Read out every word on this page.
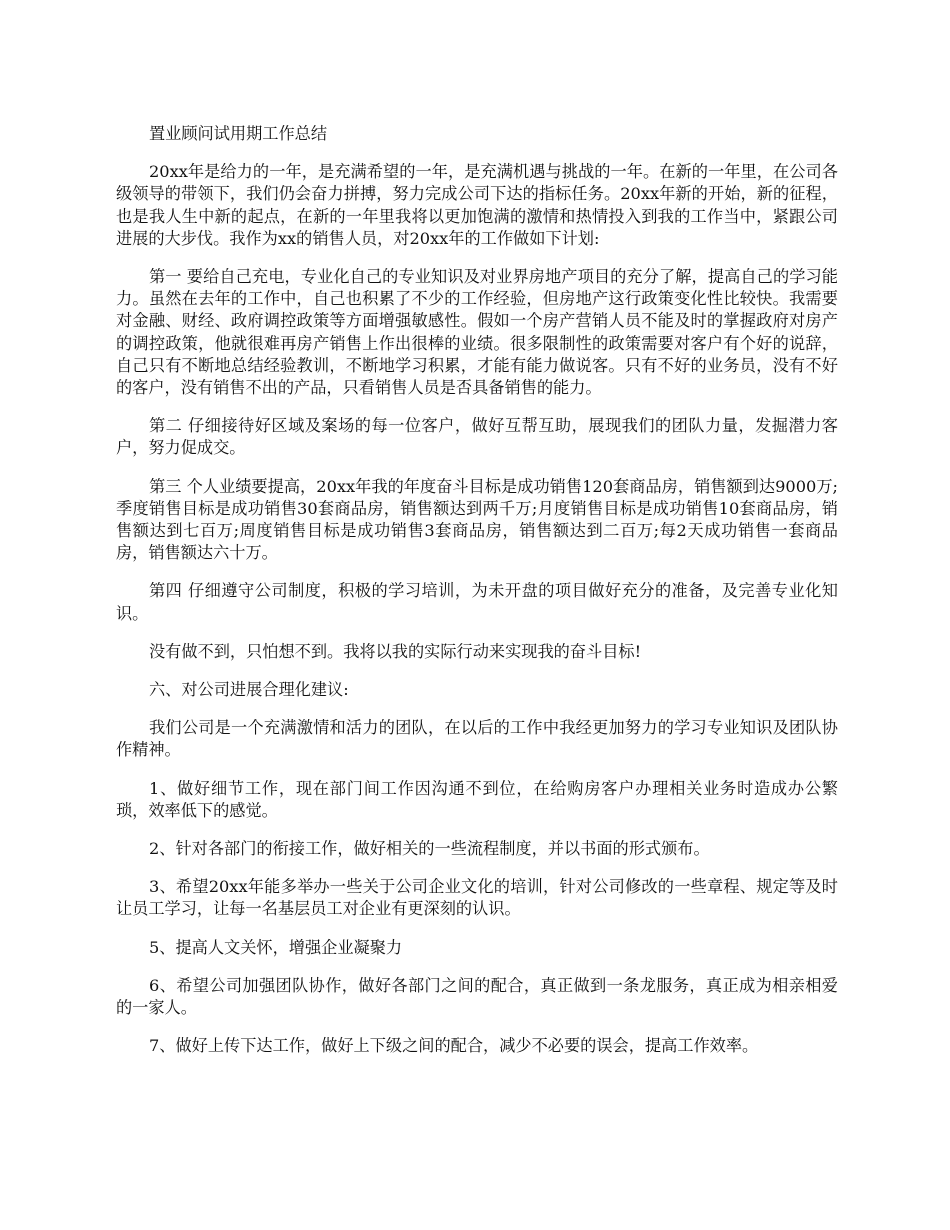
置业顾问试用期工作总结

20xx年是给力的一年，是充满希望的一年，是充满机遇与挑战的一年。在新的一年里，在公司各级领导的带领下，我们仍会奋力拼搏，努力完成公司下达的指标任务。20xx年新的开始，新的征程，也是我人生中新的起点，在新的一年里我将以更加饱满的激情和热情投入到我的工作当中，紧跟公司进展的大步伐。我作为xx的销售人员，对20xx年的工作做如下计划:

第一 要给自己充电，专业化自己的专业知识及对业界房地产项目的充分了解，提高自己的学习能力。虽然在去年的工作中，自己也积累了不少的工作经验，但房地产这行政策变化性比较快。我需要对金融、财经、政府调控政策等方面增强敏感性。假如一个房产营销人员不能及时的掌握政府对房产的调控政策，他就很难再房产销售上作出很棒的业绩。很多限制性的政策需要对客户有个好的说辞，自己只有不断地总结经验教训，不断地学习积累，才能有能力做说客。只有不好的业务员，没有不好的客户，没有销售不出的产品，只看销售人员是否具备销售的能力。

第二 仔细接待好区域及案场的每一位客户，做好互帮互助，展现我们的团队力量，发掘潜力客户，努力促成交。

第三 个人业绩要提高，20xx年我的年度奋斗目标是成功销售120套商品房，销售额到达9000万;季度销售目标是成功销售30套商品房，销售额达到两千万;月度销售目标是成功销售10套商品房，销售额达到七百万;周度销售目标是成功销售3套商品房，销售额达到二百万;每2天成功销售一套商品房，销售额达六十万。

第四 仔细遵守公司制度，积极的学习培训，为未开盘的项目做好充分的准备，及完善专业化知识。

没有做不到，只怕想不到。我将以我的实际行动来实现我的奋斗目标!

六、对公司进展合理化建议:

我们公司是一个充满激情和活力的团队，在以后的工作中我经更加努力的学习专业知识及团队协作精神。

1、做好细节工作，现在部门间工作因沟通不到位，在给购房客户办理相关业务时造成办公繁琐，效率低下的感觉。

2、针对各部门的衔接工作，做好相关的一些流程制度，并以书面的形式颁布。

3、希望20xx年能多举办一些关于公司企业文化的培训，针对公司修改的一些章程、规定等及时让员工学习，让每一名基层员工对企业有更深刻的认识。

5、提高人文关怀，增强企业凝聚力

6、希望公司加强团队协作，做好各部门之间的配合，真正做到一条龙服务，真正成为相亲相爱的一家人。

7、做好上传下达工作，做好上下级之间的配合，减少不必要的误会，提高工作效率。
